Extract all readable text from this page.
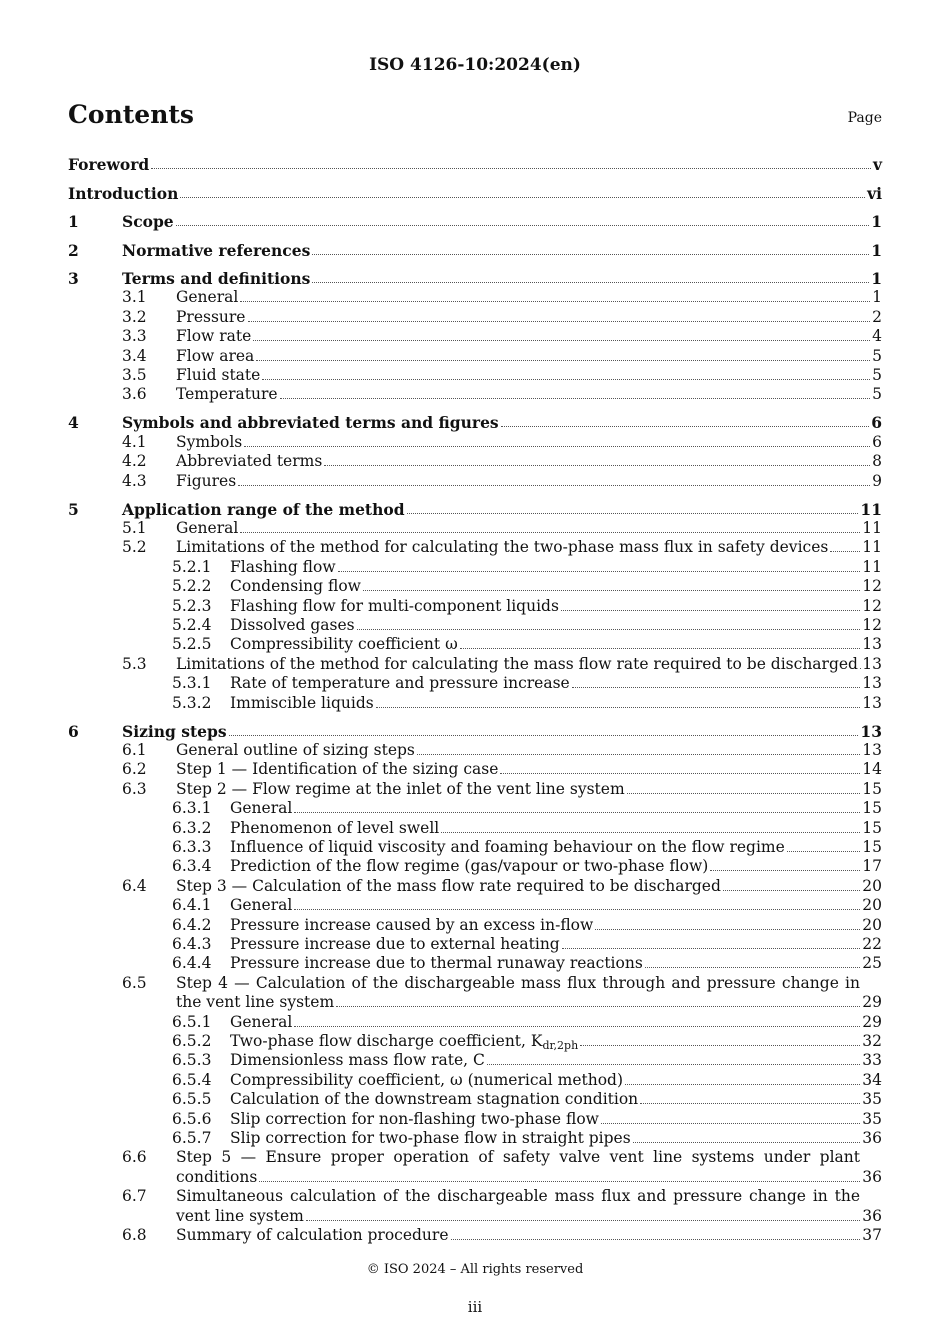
ISO 4126-10:2024(en)
Contents	Page
Foreword	v
Introduction	vi
1	Scope	1
2	Normative references	1
3	Terms and definitions	1
3.1 General	1
3.2 Pressure	2
3.3 Flow rate	4
3.4 Flow area	5
3.5 Fluid state	5
3.6 Temperature	5
4	Symbols and abbreviated terms and figures	6
4.1 Symbols	6
4.2 Abbreviated terms	8
4.3 Figures	9
5	Application range of the method	11
5.1 General	11
5.2 Limitations of the method for calculating the two-phase mass flux in safety devices 11
5.2.1 Flashing flow	11
5.2.2 Condensing flow	12
5.2.3 Flashing flow for multi-component liquids	12
5.2.4 Dissolved gases	12
5.2.5 Compressibility coefficient ω	13
5.3 Limitations of the method for calculating the mass flow rate required to be discharged 13
5.3.1 Rate of temperature and pressure increase	13
5.3.2 Immiscible liquids	13
6	Sizing steps	13
6.1 General outline of sizing steps	13
6.2 Step 1 — Identification of the sizing case	14
6.3 Step 2 — Flow regime at the inlet of the vent line system	15
6.3.1 General	15
6.3.2 Phenomenon of level swell	15
6.3.3 Influence of liquid viscosity and foaming behaviour on the flow regime	15
6.3.4 Prediction of the flow regime (gas/vapour or two-phase flow)	17
6.4 Step 3 — Calculation of the mass flow rate required to be discharged	20
6.4.1 General	20
6.4.2 Pressure increase caused by an excess in-flow	20
6.4.3 Pressure increase due to external heating	22
6.4.4 Pressure increase due to thermal runaway reactions	25
6.5 Step 4 — Calculation of the dischargeable mass flux through and pressure change in
the vent line system	29
6.5.1 General	29
6.5.2 Two-phase flow discharge coefficient, $K_{dr,2ph}$	32
6.5.3 Dimensionless mass flow rate, C	33
6.5.4 Compressibility coefficient, ω (numerical method)	34
6.5.5 Calculation of the downstream stagnation condition	35
6.5.6 Slip correction for non-flashing two-phase flow	35
6.5.7 Slip correction for two-phase flow in straight pipes	36
6.6 Step 5 — Ensure proper operation of safety valve vent line systems under plant
conditions	36
6.7 Simultaneous calculation of the dischargeable mass flux and pressure change in the
vent line system	36
6.8 Summary of calculation procedure	37
© ISO 2024 – All rights reserved
iii
